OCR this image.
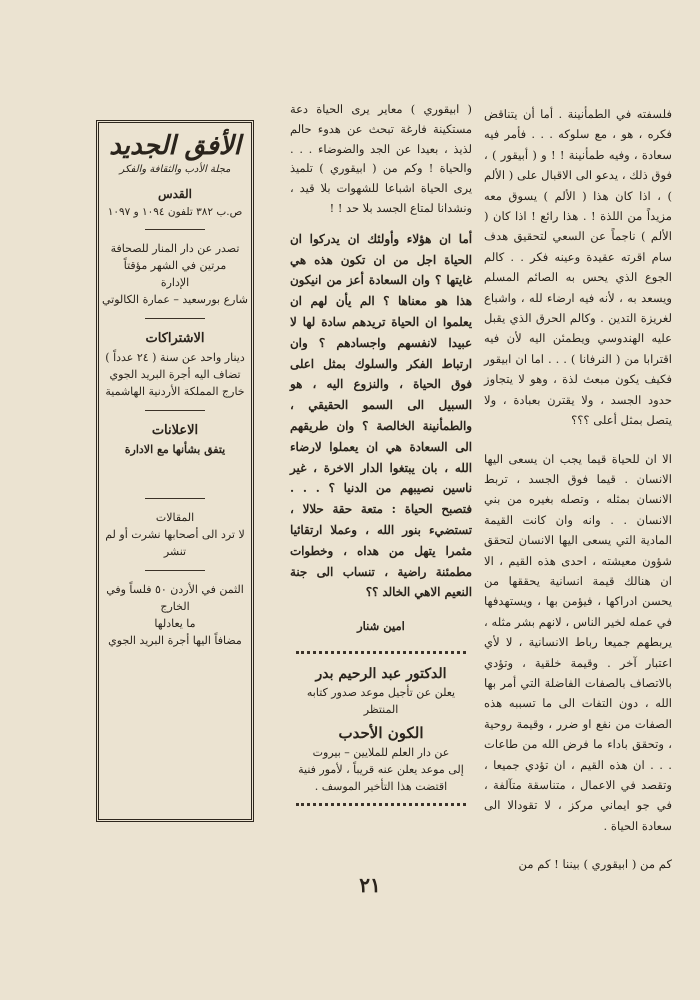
فلسفته في الطمأنينة . أما أن يتناقض فكره ، هو ، مع سلوكه . . . فأمر فيه سعادة ، وفيه طمأنينة ! ! و ( أبيقور ) ، فوق ذلك ، يدعو الى الاقبال على ( الألم ) ، اذا كان هذا ( الألم ) يسوق معه مزيداً من اللذة ! . هذا رائع ! اذا كان ( الألم ) ناجماً عن السعي لتحقيق هدف سام اقرته عقيدة وعينه فكر . . كالم الجوع الذي يحس به الصائم المسلم ويسعد به ، لأنه فيه ارضاء لله ، واشباع لغريزة التدين . وكالم الحرق الذي يقبل عليه الهندوسي ويطمئن اليه لأن فيه اقترابا من ( النرفانا ) . . . اما ان ابيقور فكيف يكون مبعث لذة ، وهو لا يتجاوز حدود الجسد ، ولا يقترن بعبادة ، ولا يتصل بمثل أعلى ؟؟؟

الا ان للحياة قيما يجب ان يسعى اليها الانسان . قيما فوق الجسد ، تربط الانسان بمثله ، وتصله بغيره من بني الانسان . . وانه وان كانت القيمة المادية التي يسعى اليها الانسان لتحقق شؤون معيشته ، احدى هذه القيم ، الا ان هنالك قيمة انسانية يحققها من يحسن ادراكها ، فيؤمن بها ، ويستهدفها في عمله لخير الناس ، لانهم بشر مثله ، يربطهم جميعا رباط الانسانية ، لا لأي اعتبار آخر . وقيمة خلقية ، وتؤدي بالاتصاف بالصفات الفاضلة التي أمر بها الله ، دون التفات الى ما تسببه هذه الصفات من نفع او ضرر ، وقيمة روحية ، وتحقق باداء ما فرض الله من طاعات . . . ان هذه القيم ، ان تؤدي جميعا ، وتقصد في الاعمال ، متناسقة متآلفة ، في جو ايماني مركز ، لا تقودالا الى سعادة الحياة .

كم من ( ابيقوري ) بيننا ! كم من

( ابيقوري ) معاير يرى الحياة دعة مستكينة فارغة تبحث عن هدوء حالم لذيذ ، بعيدا عن الجد والضوضاء . . . والحياة ! وكم من ( ابيقوري ) تلميذ يرى الحياة اشباعا للشهوات بلا قيد ، ونشدانا لمتاع الجسد بلا حد ! !

أما ان هؤلاء وأولئك ان يدركوا ان الحياة اجل من ان تكون هذه هي غايتها ؟ وان السعادة أعز من انيكون هذا هو معناها ؟ الم يأن لهم ان يعلموا ان الحياة تريدهم سادة لها لا عبيدا لانفسهم واجسادهم ؟ وان ارتباط الفكر والسلوك بمثل اعلى فوق الحياة ، والنزوع اليه ، هو السبيل الى السمو الحقيقي ، والطمأنينة الخالصة ؟ وان طريقهم الى السعادة هي ان يعملوا لارضاء الله ، بان يبتغوا الدار الاخرة ، غير ناسين نصيبهم من الدنيا ؟ . . . فتصبح الحياة : متعة حقة حلالا ، تستضيء بنور الله ، وعملا ارتقائيا مثمرا يتهل من هداه ، وخطوات مطمئنة راضية ، تنساب الى جنة النعيم الاهي الخالد ؟؟

امين شنار

الدكتور عبد الرحيم بدر
يعلن عن تأجيل موعد صدور كتابه المنتظر
الكون الأحدب
عن دار العلم للملايين – بيروت
إلى موعد يعلن عنه قريباً ، لأمور فنية اقتضت هذا التأخير الموسف .
٢١
الأفق الجديد
مجلة الأدب والثقافة والفكر
القدس
ص.ب ٣٨٢ تلفون ١٠٩٤ و ١٠٩٧
تصدر عن دار المنار للصحافة
مرتين في الشهر مؤقتاً
الإدارة
شارع بورسعيد – عمارة الكالوتي
الاشتراكات
دينار واحد عن سنة ( ٢٤ عدداً )
تضاف اليه أجرة البريد الجوي
خارج المملكة الأردنية الهاشمية
الاعلانات
يتفق بشأنها مع الادارة
المقالات
لا ترد الى أصحابها نشرت أو لم تنشر
الثمن في الأردن ٥٠ فلساً وفي الخارج
ما يعادلها
مضافاً اليها أجرة البريد الجوي
